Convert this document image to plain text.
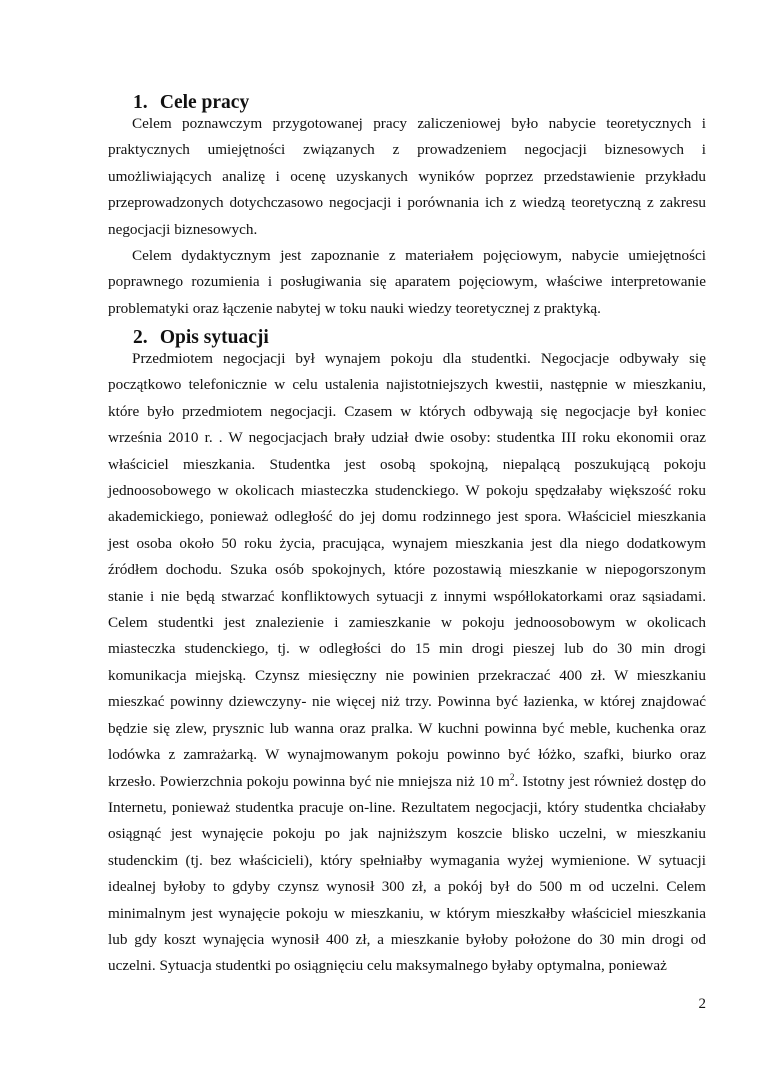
1. Cele pracy

Celem poznawczym przygotowanej pracy zaliczeniowej było nabycie teoretycznych i praktycznych umiejętności związanych z prowadzeniem negocjacji biznesowych i umożliwiających analizę i ocenę uzyskanych wyników poprzez przedstawienie przykładu przeprowadzonych dotychczasowo negocjacji i porównania ich z wiedzą teoretyczną z zakresu negocjacji biznesowych.

Celem dydaktycznym jest zapoznanie z materiałem pojęciowym, nabycie umiejętności poprawnego rozumienia i posługiwania się aparatem pojęciowym, właściwe interpretowanie problematyki oraz łączenie nabytej w toku nauki wiedzy teoretycznej z praktyką.

2. Opis sytuacji

Przedmiotem negocjacji był wynajem pokoju dla studentki. Negocjacje odbywały się początkowo telefonicznie w celu ustalenia najistotniejszych kwestii, następnie w mieszkaniu, które było przedmiotem negocjacji. Czasem w których odbywają się negocjacje był koniec września 2010 r. . W negocjacjach brały udział dwie osoby: studentka III roku ekonomii oraz właściciel mieszkania. Studentka jest osobą spokojną, niepalącą poszukującą pokoju jednoosobowego w okolicach miasteczka studenckiego. W pokoju spędzałaby większość roku akademickiego, ponieważ odległość do jej domu rodzinnego jest spora. Właściciel mieszkania jest osoba około 50 roku życia, pracująca, wynajem mieszkania jest dla niego dodatkowym źródłem dochodu. Szuka osób spokojnych, które pozostawią mieszkanie w niepogorszonym stanie i nie będą stwarzać konfliktowych sytuacji z innymi współlokatorkami oraz sąsiadami. Celem studentki jest znalezienie i zamieszkanie w pokoju jednoosobowym w okolicach miasteczka studenckiego, tj. w odległości do 15 min drogi pieszej lub do 30 min drogi komunikacja miejską. Czynsz miesięczny nie powinien przekraczać 400 zł. W mieszkaniu mieszkać powinny dziewczyny- nie więcej niż trzy. Powinna być łazienka, w której znajdować będzie się zlew, prysznic lub wanna oraz pralka. W kuchni powinna być meble, kuchenka oraz lodówka z zamrażarką. W wynajmowanym pokoju powinno być łóżko, szafki, biurko oraz krzesło. Powierzchnia pokoju powinna być nie mniejsza niż 10 $m^2$. Istotny jest również dostęp do Internetu, ponieważ studentka pracuje on-line. Rezultatem negocjacji, który studentka chciałaby osiągnąć jest wynajęcie pokoju po jak najniższym koszcie blisko uczelni, w mieszkaniu studenckim (tj. bez właścicieli), który spełniałby wymagania wyżej wymienione. W sytuacji idealnej byłoby to gdyby czynsz wynosił 300 zł, a pokój był do 500 m od uczelni. Celem minimalnym jest wynajęcie pokoju w mieszkaniu, w którym mieszkałby właściciel mieszkania lub gdy koszt wynajęcia wynosił 400 zł, a mieszkanie byłoby położone do 30 min drogi od uczelni. Sytuacja studentki po osiągnięciu celu maksymalnego byłaby optymalna, ponieważ

2
